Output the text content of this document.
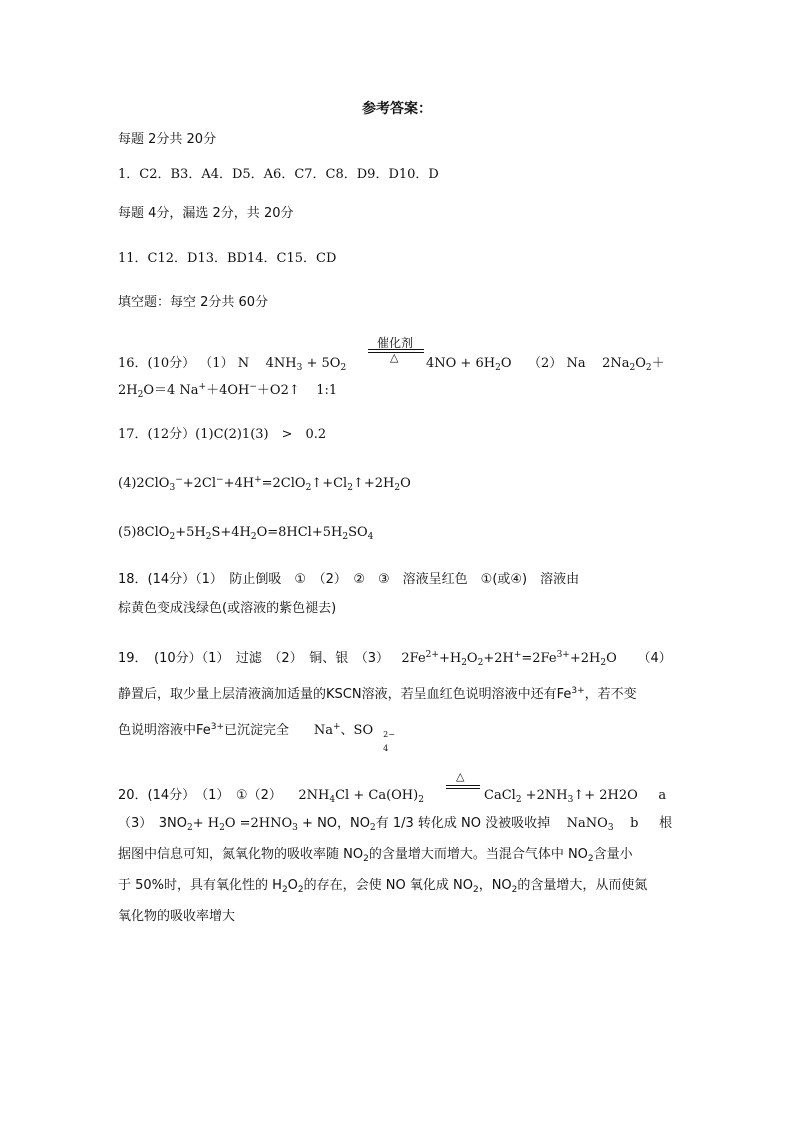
参考答案：
每题 2分共 20分
1．C2．B3．A4．D5．A6．C7．C8．D9．D10．D
每题 4分，漏选 2分，共 20分
11．C12．D13．BD14．C15．CD
填空题：每空 2分共 60分
16．(10分） （1） N $4NH_3 + 5O_2$
催化剂
△ $4NO + 6H_2O$ （2） Na $2Na_2O_2+$
$2H_2O=4$ Na+＋4OH−＋O2↑ 1:1
17．(12分）(1)C(2)1(3)　>　0.2
$(4)2ClO_3^-+2Cl^-+4H^+=2ClO_2↑+Cl_2↑+2H_2O$
$(5)8ClO_2+5H_2S+4H_2O=8HCl+5H_2SO_4$
18．(14分）（1）　防止倒吸　①　（2）　②　③　溶液呈红色　①(或④)　溶液由
棕黄色变成浅绿色(或溶液的紫色褪去)
19．　(10分）（1）　过滤　（2）　铜、银　（3） $2Fe^{2+}+H_2O_2+2H^+=2Fe^{3+}+2H_2O$ （4）
静置后，取少量上层清液滴加适量的KSCN溶液，若呈血红色说明溶液中还有$Fe^{3+}$，若不变
色说明溶液中$Fe^{3+}$已沉淀完全 Na+、SO 2−
4
20．(14分）　（1）　①（2） $2NH_4Cl + Ca(OH)_2$
△
CaCl$_2$ $+2NH_3↑+ 2H2O$     a
（3）　$3NO_2+ H_2O =2HNO_3$ + NO，$NO_2$有 1/3 转化成 NO 没被吸收掉 NaNO$_3$ b 根
据图中信息可知，氮氧化物的吸收率随 $NO_2$的含量增大而增大。当混合气体中 $NO_2$含量小
于 50%时，具有氧化性的 $H_2O_2$的存在，会使 NO 氧化成 $NO_2$，$NO_2$的含量增大，从而使氮
氧化物的吸收率增大
